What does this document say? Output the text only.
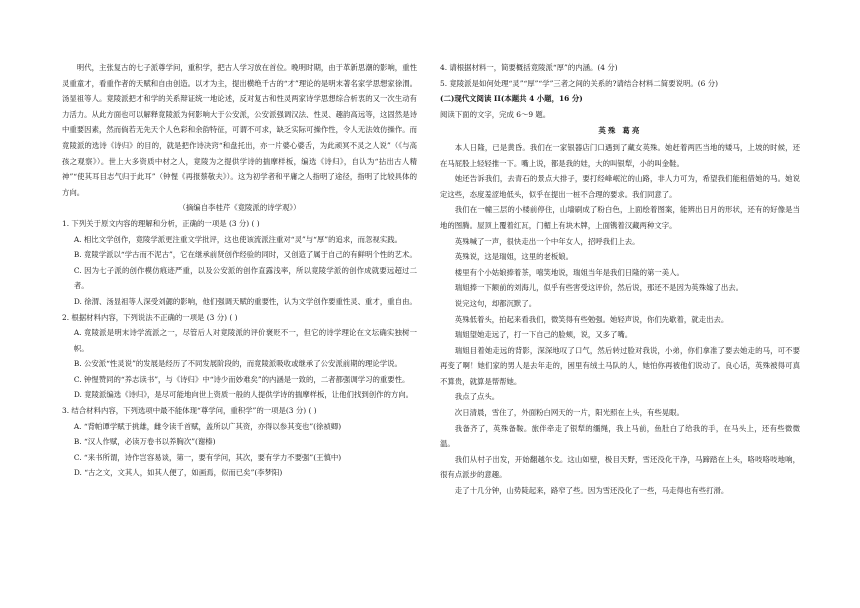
明代，主张复古的七子派尊学问，重积学，把古人学习放在首位。晚明时期，由于革新思潮的影响，重性灵重童才，看重作者的天赋和自由创造。以才为主，提出横绝千古的“才”理论的是明末著名家学思想家徐渭。汤显祖等人。竟陵派把才和学的关系辩证统一地论述，反对复古和性灵两家诗学思想综合析衷的又一次生动有力活力。从此方面也可以解释竟陵派为何影响大于公安派，公安派强调汉法、性灵、趣韵高远等，这固然是诗中重要因素，然而倘若无先天个人色彩和余韵特征，可谓不可求，缺乏实际可操作性，令人无法效仿操作。而竟陵派的选诗《诗归》的目的，就是把作诗决窍“和盘托出，亦一片婆心婆舌，为此顽冥不灵之人说”（《与高孩之观察》）。世上大多资质中材之人，竟陵为之提供学诗的揣摩样板，编选《诗归》，自认为“拈出古人精神”“使其耳目志气归于此耳”（钟惺《再报蔡敬夫》）。这为初学者和平庸之人指明了途径，指明了比较具体的方向。

（摘编自李桂芹《竟陵派的诗学观》）

1. 下列关于原文内容的理解和分析，正确的一项是 (3 分) ( )

A. 相比文学创作，竟陵学派更注重文学批评，这也使该流派注重对“灵”与“厚”的追求，而忽视实践。

B. 竟陵学派以“学古而不泥古”，它在继承前贤创作经验的同时，又创造了属于自己的有鲜明个性的艺术。

C. 因为七子派的创作模仿痕迹严重，以及公安派的创作直露浅率，所以竟陵学派的创作成就要远超过二者。

D. 徐渭、汤显祖等人深受刘勰的影响，他们强调天赋的重要性，认为文学创作要重性灵、重才，重自由。

2. 根据材料内容，下列说法不正确的一项是 (3 分) ( )

A. 竟陵派是明末诗学流派之一，尽管后人对竟陵派的评价褒贬不一，但它的诗学理论在文坛确实独树一帜。

B. 公安派“性灵说”的发展是经历了不同发展阶段的，而竟陵派吸收或继承了公安派前期的理论学说。

C. 钟惺赞同的“养志读书”，与《诗归》中“诗少而妙难矣”的内涵是一致的，二者都强调学习的重要性。

D. 竟陵派编选《诗归》，是尽可能地向世上资质一般的人提供学诗的揣摩样板，让他们找到创作的方向。

3. 结合材料内容，下列选项中最不能体现“尊学问，重积学”的一项是(3 分) ( )

A. “背帕谭学赋于挑雄，雌令读千首赋，盖所以广其资，亦得以参其变也”(徐祯卿)

B. “汉人作赋，必读万卷书以养胸次”(谢榛)

C. “来书所谓，诗作岂容易谈，第一，要有学问，其次，要有学力不要强”(王慎中)

D. “古之文，文其人，如其人便了，如画焉，似而已矣”(李梦阳)

4. 请根据材料一，简要概括竟陵派“厚”的内涵。(4 分)

5. 竟陵派是如何处理“灵”“厚”“学”三者之间的关系的?请结合材料二简要说明。(6 分)

(二)现代文阅读 II(本题共 4 小题，16 分)

阅读下面的文字，完成 6～9 题。

英殊 葛亮

本人日隆，已是黄昏。我们在一家银器店门口遇到了藏女英殊。她赶着两匹当地的矮马，上坡的时候，还在马屁股上轻轻推一下。嘴上说，都是我的娃，大的叫银犁，小的叫金鞋。

她还告诉我们，去青石的景点大排子，要打经峰岷沱的山路，非人力可为，希望我们能租借她的马。她说定这些，态度羞涩地低头，似乎在提出一桩不合理的要求。我们同意了。

我们在一幢三层的小楼前停住，山墙刷成了粉白色，上面绘着图案，能辨出日月的形状，还有的好像是当地的图腾。屋顶上覆着红瓦，门楣上有块木牌，上面镌着汉藏两种文字。

英殊喊了一声，很快走出一个中年女人，招呼我们上去。

英殊说，这是瑞姐，这里的老板娘。

楼里有个小姑娘捧着茶，嘻笑地说，瑞姐当年是我们日隆的第一美人。

瑞姐捧一下额前的刘海儿，似乎有些害受这评价，然后说，那还不是因为英殊嫁了出去。

说完这句，却都沉默了。

英殊低着头，拍起来看我们，微笑得有些勉强。她轻声说，你们先歇着，就走出去。

瑞姐望她走远了，打一下自己的脸颊，说，又多了嘴。

瑞姐目着她走远的背影，深深地叹了口气，然后转过脸对我说，小弟，你们拿准了要去她走的马，可不要再变了啊！她们家的男人是去年走的，困里有绒土马队的人，她怕你再被他们说动了。良心话，英殊被得可真不算贵，就算是帮帮她。

我点了点头。

次日清晨，雪住了，外面粉白网天的一片，阳光照在上头，有些晃眼。

我备齐了，英殊备鞍。旅伴牵走了银犁的缰绳，我上马前，鱼肚白了给我的手，在马头上，还有些微微温。

我们从村子出发，开始翻越尔戈。这山如壁，极目天野，雪还没化干净，马蹄踏在上头，咯吱咯吱地响，很有点派步的意趣。

走了十几分钟，山势陡起来，路窄了些。因为雪还没化了一些，马走得也有些打滑。
